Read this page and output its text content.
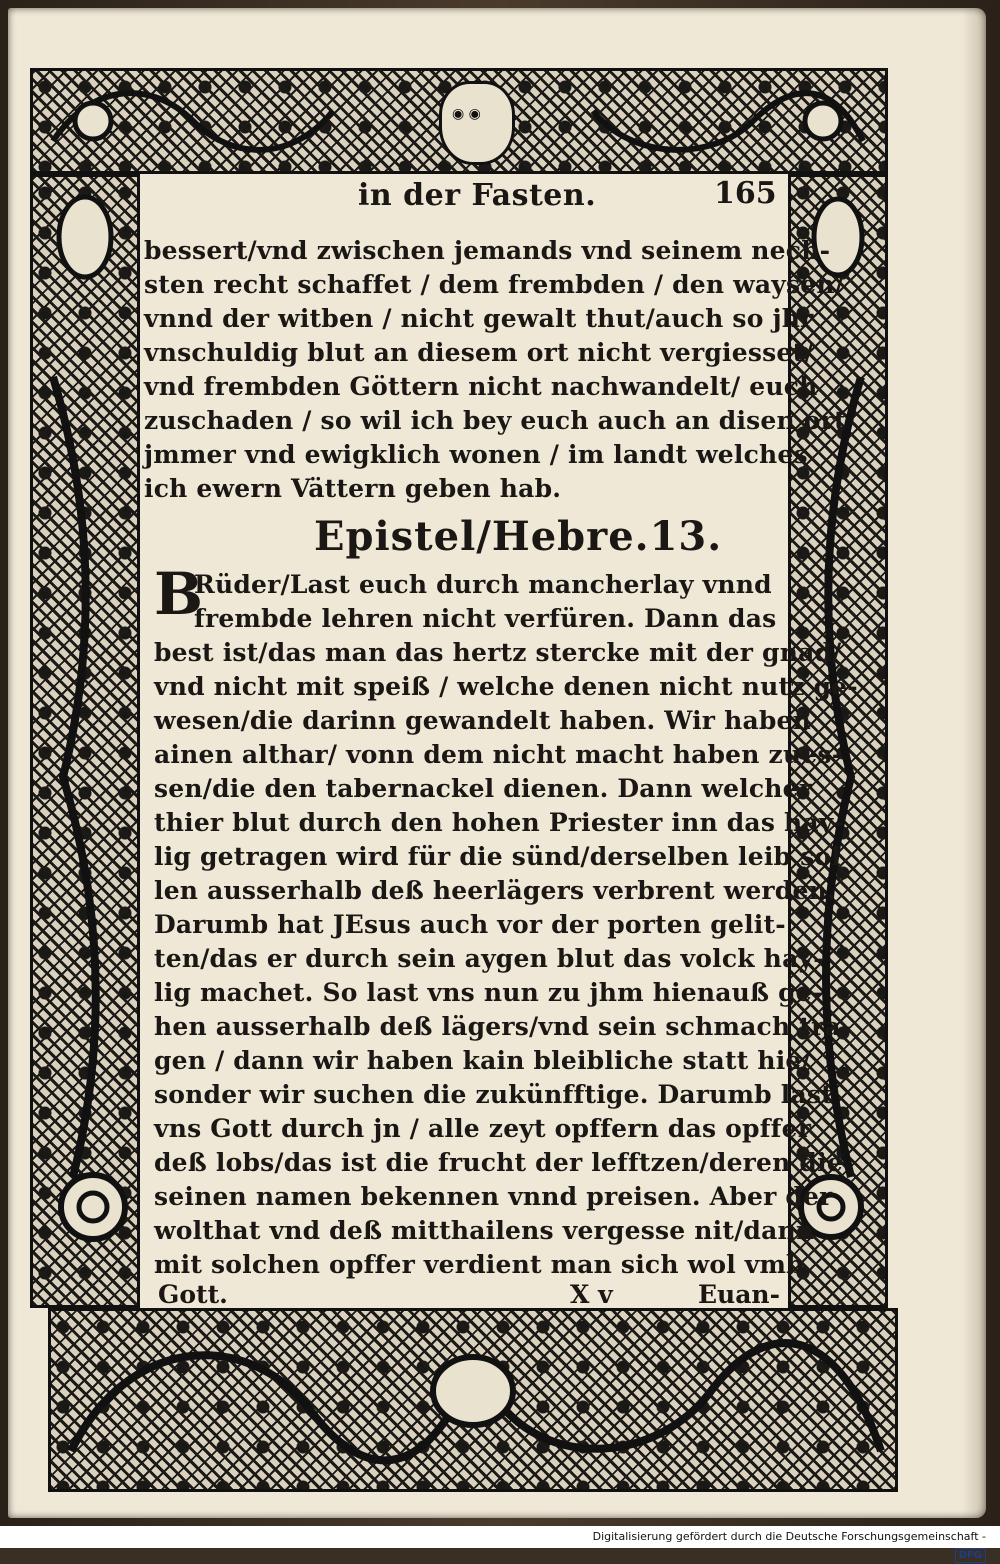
◉ ◉
in der Fasten.	165
bessert/vnd zwischen jemands vnd seinem nech-
sten recht schaffet / dem frembden / den waysen/
vnnd der witben / nicht gewalt thut/auch so jhr
vnschuldig blut an diesem ort nicht vergiesset/
vnd frembden Göttern nicht nachwandelt/ euch
zuschaden / so wil ich bey euch auch an disen ort
jmmer vnd ewigklich wonen / im landt welches
ich ewern Vättern geben hab.
Epistel/Hebre.13.
B
Rüder/Last euch durch mancherlay vnnd
frembde lehren nicht verfüren. Dann das
best ist/das man das hertz stercke mit der gnad/
vnd nicht mit speiß / welche denen nicht nutz ge-
wesen/die darinn gewandelt haben. Wir haben
ainen althar/ vonn dem nicht macht haben zues-
sen/die den tabernackel dienen. Dann welcher
thier blut durch den hohen Priester inn das hay-
lig getragen wird für die sünd/derselben leib sol
len ausserhalb deß heerlägers verbrent werden.
Darumb hat JEsus auch vor der porten gelit-
ten/das er durch sein aygen blut das volck hay-
lig machet. So last vns nun zu jhm hienauß ge-
hen ausserhalb deß lägers/vnd sein schmach tra-
gen / dann wir haben kain bleibliche statt hie/
sonder wir suchen die zukünfftige. Darumb last
vns Gott durch jn / alle zeyt opffern das opffer
deß lobs/das ist die frucht der lefftzen/deren die
seinen namen bekennen vnnd preisen. Aber der
wolthat vnd deß mitthailens vergesse nit/dann
mit solchen opffer verdient man sich wol vmb
Gott.	X v	Euan-
Digitalisierung gefördert durch die Deutsche Forschungsgemeinschaft - DFG
